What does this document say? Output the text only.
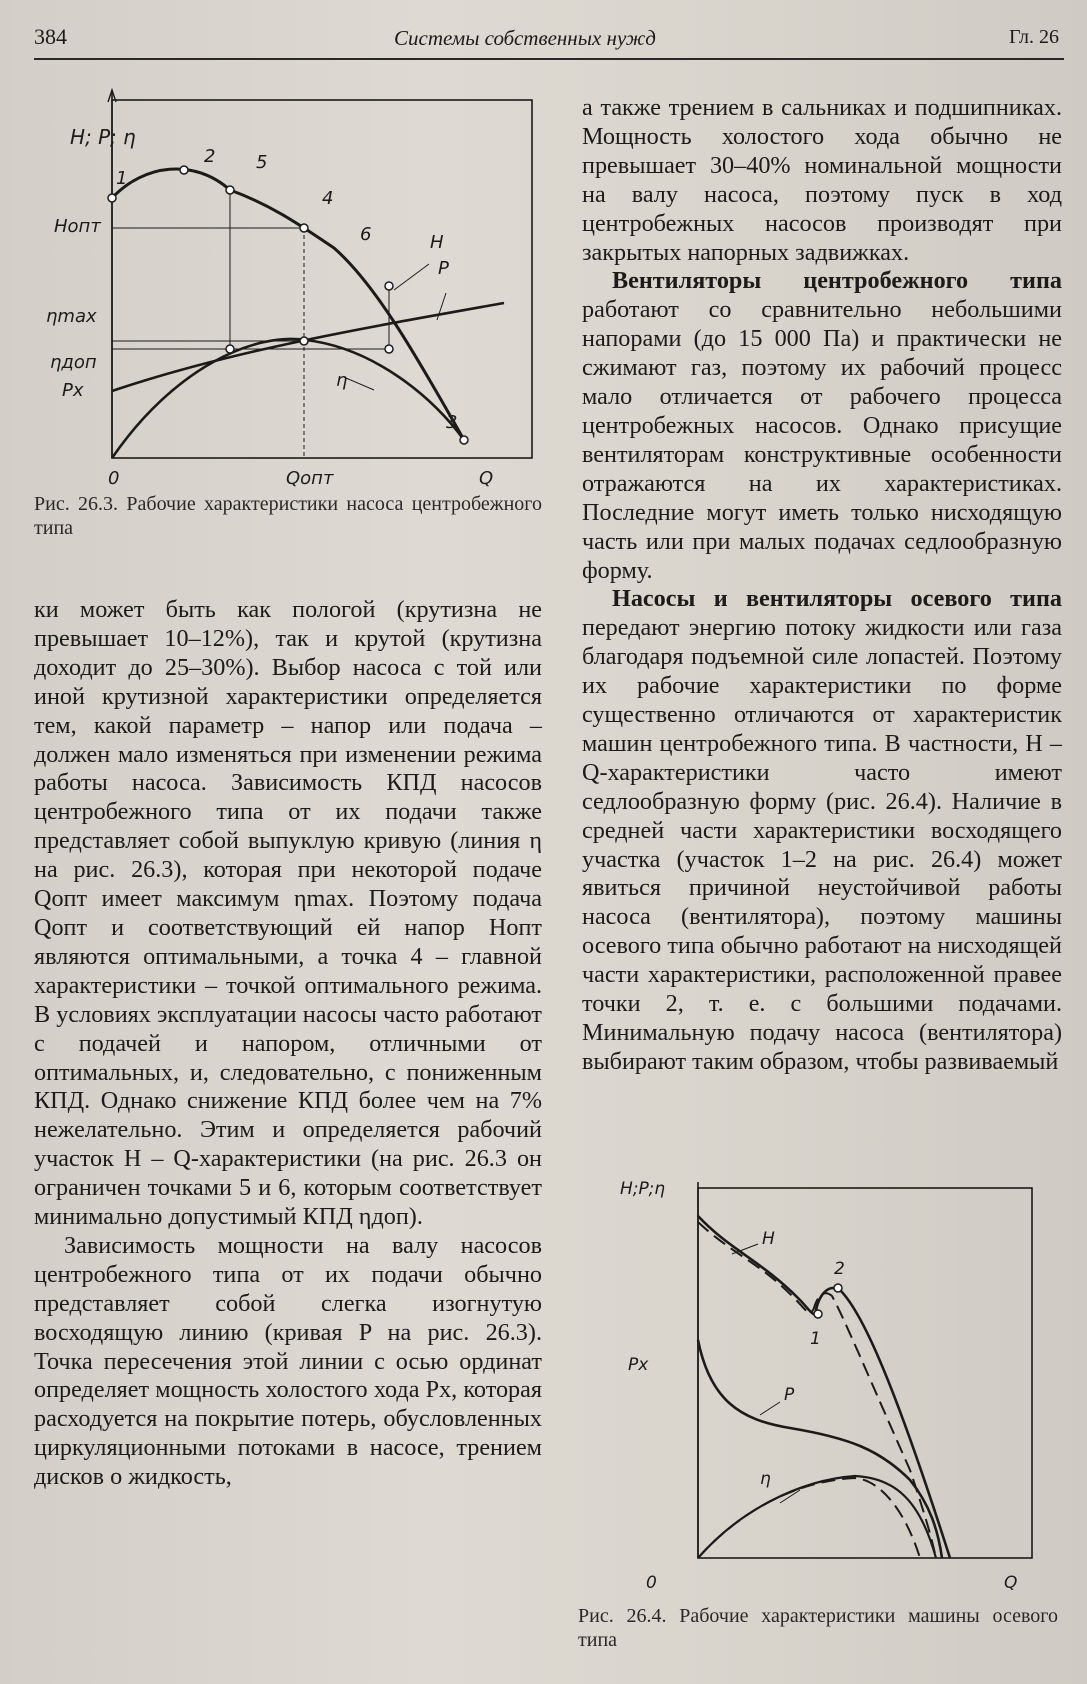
384	Системы собственных нужд	Гл. 26
H; P; η
Hопт
ηmax
ηдоп
Px
0	Qопт	Q
H
P
η
1
2 5
4
6
3
Рис. 26.3. Рабочие характеристики насоса центробежного типа

ки может быть как пологой (крутизна не превышает 10–12%), так и крутой (крутизна доходит до 25–30%). Выбор насоса с той или иной крутизной характеристики определяется тем, какой параметр – напор или подача – должен мало изменяться при изменении режима работы насоса. Зависимость КПД насосов центробежного типа от их подачи также представляет собой выпуклую кривую (линия η на рис. 26.3), которая при некоторой подаче Qопт имеет максимум ηmax. Поэтому подача Qопт и соответствующий ей напор Hопт являются оптимальными, а точка 4 – главной характеристики – точкой оптимального режима. В условиях эксплуатации насосы часто работают с подачей и напором, отличными от оптимальных, и, следовательно, с пониженным КПД. Однако снижение КПД более чем на 7% нежелательно. Этим и определяется рабочий участок H – Q-характеристики (на рис. 26.3 он ограничен точками 5 и 6, которым соответствует минимально допустимый КПД ηдоп).

Зависимость мощности на валу насосов центробежного типа от их подачи обычно представляет собой слегка изогнутую восходящую линию (кривая P на рис. 26.3). Точка пересечения этой линии с осью ординат определяет мощность холостого хода Px, которая расходуется на покрытие потерь, обусловленных циркуляционными потоками в насосе, трением дисков о жидкость,

а также трением в сальниках и подшипниках. Мощность холостого хода обычно не превышает 30–40% номинальной мощности на валу насоса, поэтому пуск в ход центробежных насосов производят при закрытых напорных задвижках.

Вентиляторы центробежного типа работают со сравнительно небольшими напорами (до 15 000 Па) и практически не сжимают газ, поэтому их рабочий процесс мало отличается от рабочего процесса центробежных насосов. Однако присущие вентиляторам конструктивные особенности отражаются на их характеристиках. Последние могут иметь только нисходящую часть или при малых подачах седлообразную форму.

Насосы и вентиляторы осевого типа передают энергию потоку жидкости или газа благодаря подъемной силе лопастей. Поэтому их рабочие характеристики по форме существенно отличаются от характеристик машин центробежного типа. В частности, H – Q-характеристики часто имеют седлообразную форму (рис. 26.4). Наличие в средней части характеристики восходящего участка (участок 1–2 на рис. 26.4) может явиться причиной неустойчивой работы насоса (вентилятора), поэтому машины осевого типа обычно работают на нисходящей части характеристики, расположенной правее точки 2, т. е. с большими подачами. Минимальную подачу насоса (вентилятора) выбирают таким образом, чтобы развиваемый

H;P;η
Px
0	Q
H
P
η
1
2
Рис. 26.4. Рабочие характеристики машины осевого типа
